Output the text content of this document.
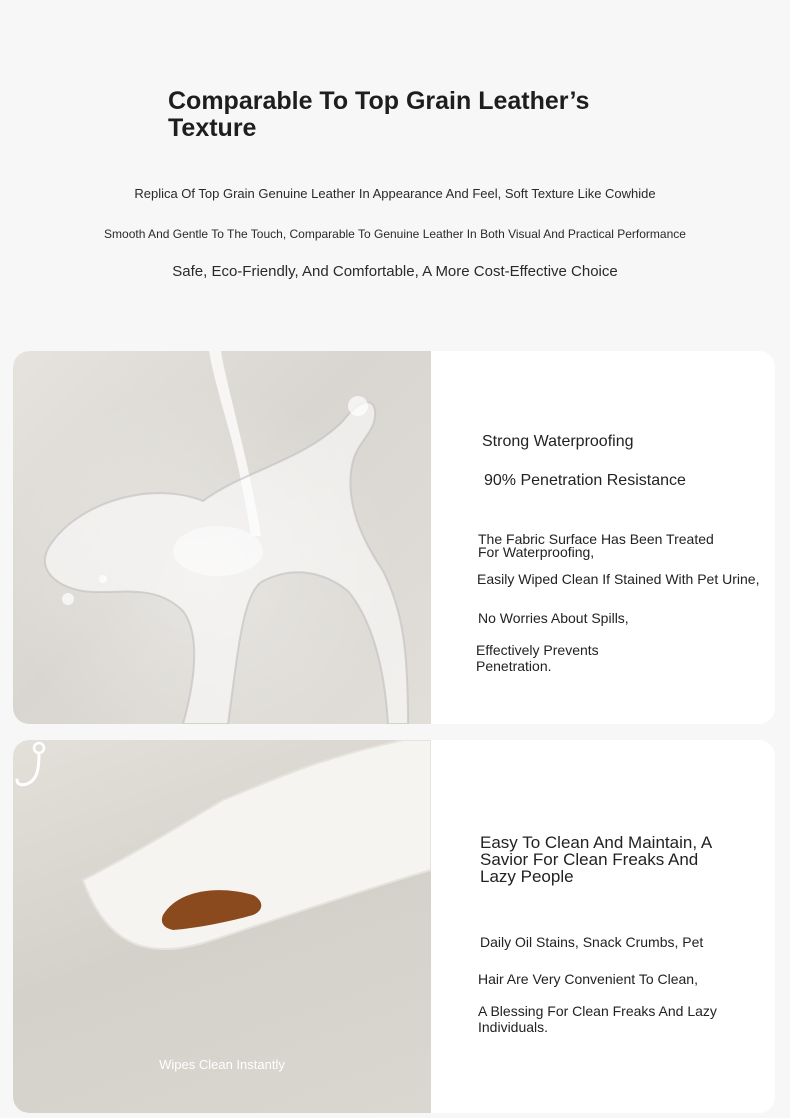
Comparable To Top Grain Leather’s Texture

Replica Of Top Grain Genuine Leather In Appearance And Feel, Soft Texture Like Cowhide

Smooth And Gentle To The Touch, Comparable To Genuine Leather In Both Visual And Practical Performance

Safe, Eco-Friendly, And Comfortable, A More Cost-Effective Choice

Strong Waterproofing
90% Penetration Resistance
The Fabric Surface Has Been Treated For Waterproofing,
Easily Wiped Clean If Stained With Pet Urine,
No Worries About Spills,
Effectively Prevents Penetration.
Wipes Clean Instantly
Easy To Clean And Maintain, A Savior For Clean Freaks And Lazy People
Daily Oil Stains, Snack Crumbs, Pet
Hair Are Very Convenient To Clean,
A Blessing For Clean Freaks And Lazy Individuals.
